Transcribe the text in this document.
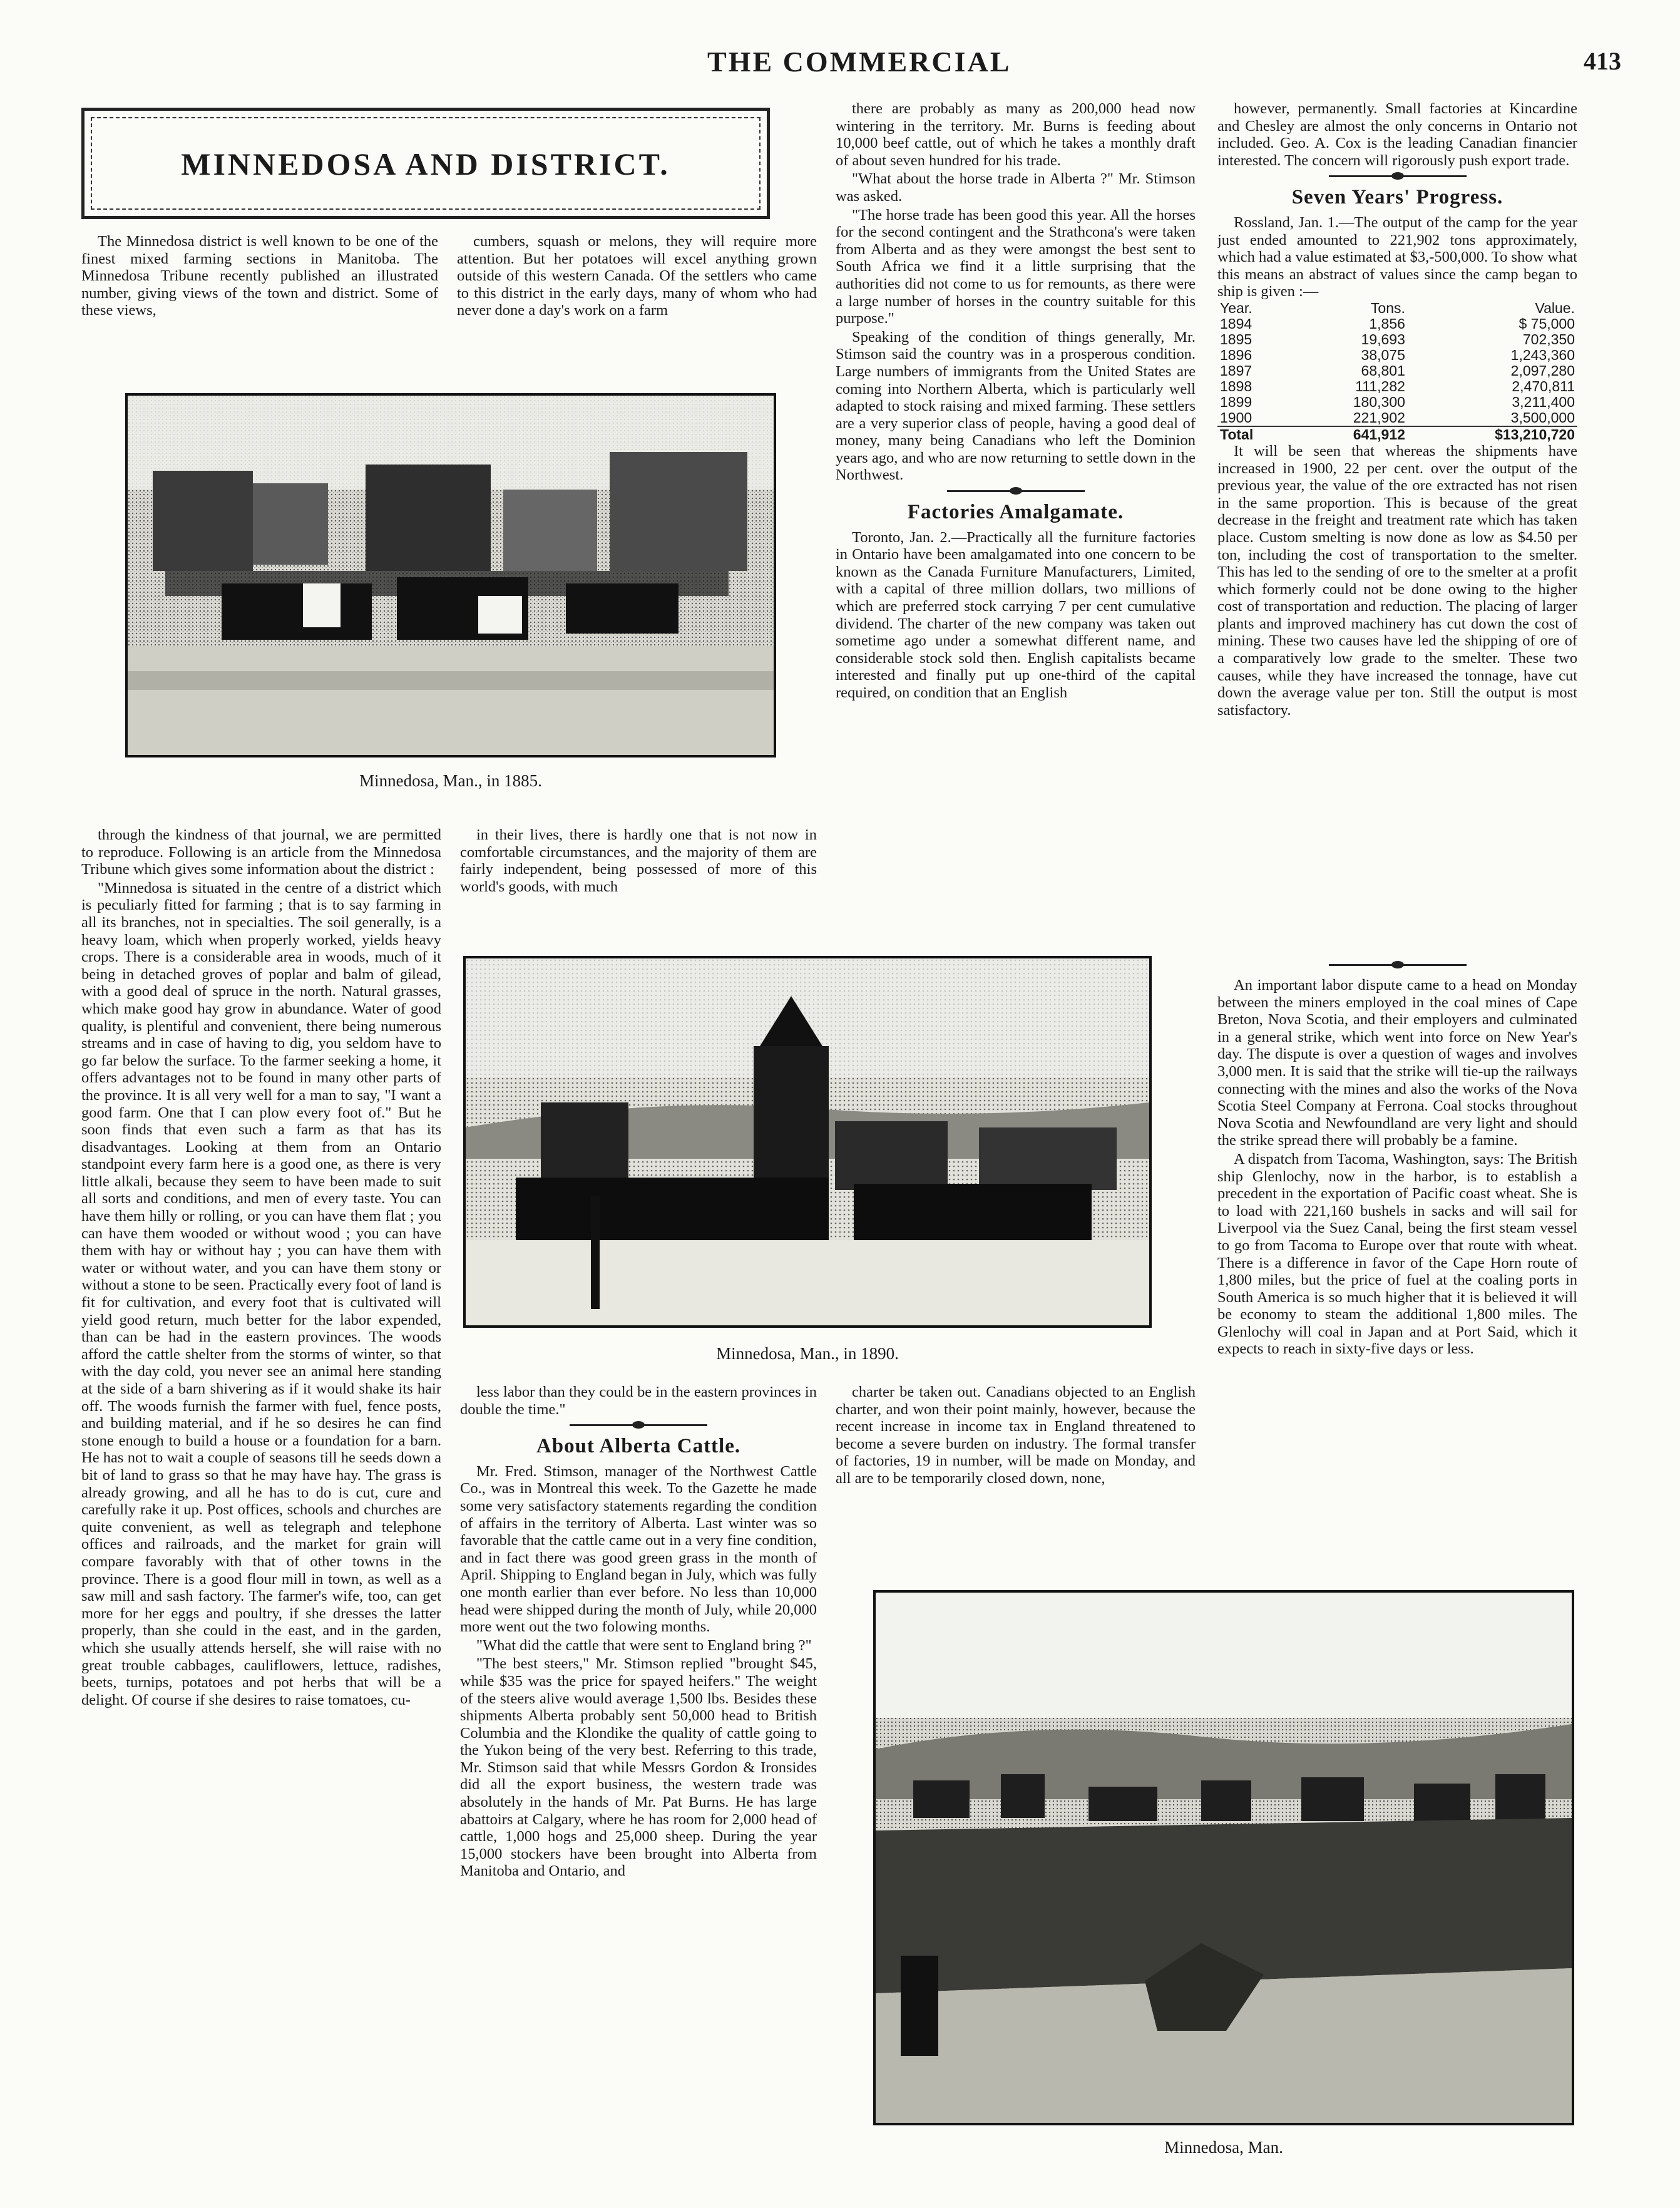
THE COMMERCIAL	413
MINNEDOSA AND DISTRICT.

The Minnedosa district is well known to be one of the finest mixed farming sections in Manitoba. The Minnedosa Tribune recently published an illustrated number, giving views of the town and district. Some of these views,

cumbers, squash or melons, they will require more attention. But her potatoes will excel anything grown outside of this western Canada. Of the settlers who came to this district in the early days, many of whom who had never done a day's work on a farm

Minnedosa, Man., in 1885.

through the kindness of that journal, we are permitted to reproduce. Following is an article from the Minnedosa Tribune which gives some information about the district :

"Minnedosa is situated in the centre of a district which is peculiarly fitted for farming ; that is to say farming in all its branches, not in specialties. The soil generally, is a heavy loam, which when properly worked, yields heavy crops. There is a considerable area in woods, much of it being in detached groves of poplar and balm of gilead, with a good deal of spruce in the north. Natural grasses, which make good hay grow in abundance. Water of good quality, is plentiful and convenient, there being numerous streams and in case of having to dig, you seldom have to go far below the surface. To the farmer seeking a home, it offers advantages not to be found in many other parts of the province. It is all very well for a man to say, "I want a good farm. One that I can plow every foot of." But he soon finds that even such a farm as that has its disadvantages. Looking at them from an Ontario standpoint every farm here is a good one, as there is very little alkali, because they seem to have been made to suit all sorts and conditions, and men of every taste. You can have them hilly or rolling, or you can have them flat ; you can have them wooded or without wood ; you can have them with hay or without hay ; you can have them with water or without water, and you can have them stony or without a stone to be seen. Practically every foot of land is fit for cultivation, and every foot that is cultivated will yield good return, much better for the labor expended, than can be had in the eastern provinces. The woods afford the cattle shelter from the storms of winter, so that with the day cold, you never see an animal here standing at the side of a barn shivering as if it would shake its hair off. The woods furnish the farmer with fuel, fence posts, and building material, and if he so desires he can find stone enough to build a house or a foundation for a barn. He has not to wait a couple of seasons till he seeds down a bit of land to grass so that he may have hay. The grass is already growing, and all he has to do is cut, cure and carefully rake it up. Post offices, schools and churches are quite convenient, as well as telegraph and telephone offices and railroads, and the market for grain will compare favorably with that of other towns in the province. There is a good flour mill in town, as well as a saw mill and sash factory. The farmer's wife, too, can get more for her eggs and poultry, if she dresses the latter properly, than she could in the east, and in the garden, which she usually attends herself, she will raise with no great trouble cabbages, cauliflowers, lettuce, radishes, beets, turnips, potatoes and pot herbs that will be a delight. Of course if she desires to raise tomatoes, cu-

in their lives, there is hardly one that is not now in comfortable circumstances, and the majority of them are fairly independent, being possessed of more of this world's goods, with much

Minnedosa, Man., in 1890.

less labor than they could be in the eastern provinces in double the time."

About Alberta Cattle.

Mr. Fred. Stimson, manager of the Northwest Cattle Co., was in Montreal this week. To the Gazette he made some very satisfactory statements regarding the condition of affairs in the territory of Alberta. Last winter was so favorable that the cattle came out in a very fine condition, and in fact there was good green grass in the month of April. Shipping to England began in July, which was fully one month earlier than ever before. No less than 10,000 head were shipped during the month of July, while 20,000 more went out the two folowing months.

"What did the cattle that were sent to England bring ?"

"The best steers," Mr. Stimson replied "brought $45, while $35 was the price for spayed heifers." The weight of the steers alive would average 1,500 lbs. Besides these shipments Alberta probably sent 50,000 head to British Columbia and the Klondike the quality of cattle going to the Yukon being of the very best. Referring to this trade, Mr. Stimson said that while Messrs Gordon & Ironsides did all the export business, the western trade was absolutely in the hands of Mr. Pat Burns. He has large abattoirs at Calgary, where he has room for 2,000 head of cattle, 1,000 hogs and 25,000 sheep. During the year 15,000 stockers have been brought into Alberta from Manitoba and Ontario, and

there are probably as many as 200,000 head now wintering in the territory. Mr. Burns is feeding about 10,000 beef cattle, out of which he takes a monthly draft of about seven hundred for his trade.

"What about the horse trade in Alberta ?" Mr. Stimson was asked.

"The horse trade has been good this year. All the horses for the second contingent and the Strathcona's were taken from Alberta and as they were amongst the best sent to South Africa we find it a little surprising that the authorities did not come to us for remounts, as there were a large number of horses in the country suitable for this purpose."

Speaking of the condition of things generally, Mr. Stimson said the country was in a prosperous condition. Large numbers of immigrants from the United States are coming into Northern Alberta, which is particularly well adapted to stock raising and mixed farming. These settlers are a very superior class of people, having a good deal of money, many being Canadians who left the Dominion years ago, and who are now returning to settle down in the Northwest.

Factories Amalgamate.

Toronto, Jan. 2.—Practically all the furniture factories in Ontario have been amalgamated into one concern to be known as the Canada Furniture Manufacturers, Limited, with a capital of three million dollars, two millions of which are preferred stock carrying 7 per cent cumulative dividend. The charter of the new company was taken out sometime ago under a somewhat different name, and considerable stock sold then. English capitalists became interested and finally put up one-third of the capital required, on condition that an English

charter be taken out. Canadians objected to an English charter, and won their point mainly, however, because the recent increase in income tax in England threatened to become a severe burden on industry. The formal transfer of factories, 19 in number, will be made on Monday, and all are to be temporarily closed down, none,

however, permanently. Small factories at Kincardine and Chesley are almost the only concerns in Ontario not included. Geo. A. Cox is the leading Canadian financier interested. The concern will rigorously push export trade.

Seven Years' Progress.

Rossland, Jan. 1.—The output of the camp for the year just ended amounted to 221,902 tons approximately, which had a value estimated at $3,-500,000. To show what this means an abstract of values since the camp began to ship is given :—

Year.	Tons.	Value.
1894	1,856	$ 75,000
1895	19,693	702,350
1896	38,075	1,243,360
1897	68,801	2,097,280
1898	111,282	2,470,811
1899	180,300	3,211,400
1900	221,902	3,500,000
Total	641,912	$13,210,720

It will be seen that whereas the shipments have increased in 1900, 22 per cent. over the output of the previous year, the value of the ore extracted has not risen in the same proportion. This is because of the great decrease in the freight and treatment rate which has taken place. Custom smelting is now done as low as $4.50 per ton, including the cost of transportation to the smelter. This has led to the sending of ore to the smelter at a profit which formerly could not be done owing to the higher cost of transportation and reduction. The placing of larger plants and improved machinery has cut down the cost of mining. These two causes have led the shipping of ore of a comparatively low grade to the smelter. These two causes, while they have increased the tonnage, have cut down the average value per ton. Still the output is most satisfactory.

An important labor dispute came to a head on Monday between the miners employed in the coal mines of Cape Breton, Nova Scotia, and their employers and culminated in a general strike, which went into force on New Year's day. The dispute is over a question of wages and involves 3,000 men. It is said that the strike will tie-up the railways connecting with the mines and also the works of the Nova Scotia Steel Company at Ferrona. Coal stocks throughout Nova Scotia and Newfoundland are very light and should the strike spread there will probably be a famine.

A dispatch from Tacoma, Washington, says: The British ship Glenlochy, now in the harbor, is to establish a precedent in the exportation of Pacific coast wheat. She is to load with 221,160 bushels in sacks and will sail for Liverpool via the Suez Canal, being the first steam vessel to go from Tacoma to Europe over that route with wheat. There is a difference in favor of the Cape Horn route of 1,800 miles, but the price of fuel at the coaling ports in South America is so much higher that it is believed it will be economy to steam the additional 1,800 miles. The Glenlochy will coal in Japan and at Port Said, which it expects to reach in sixty-five days or less.

Minnedosa, Man.
